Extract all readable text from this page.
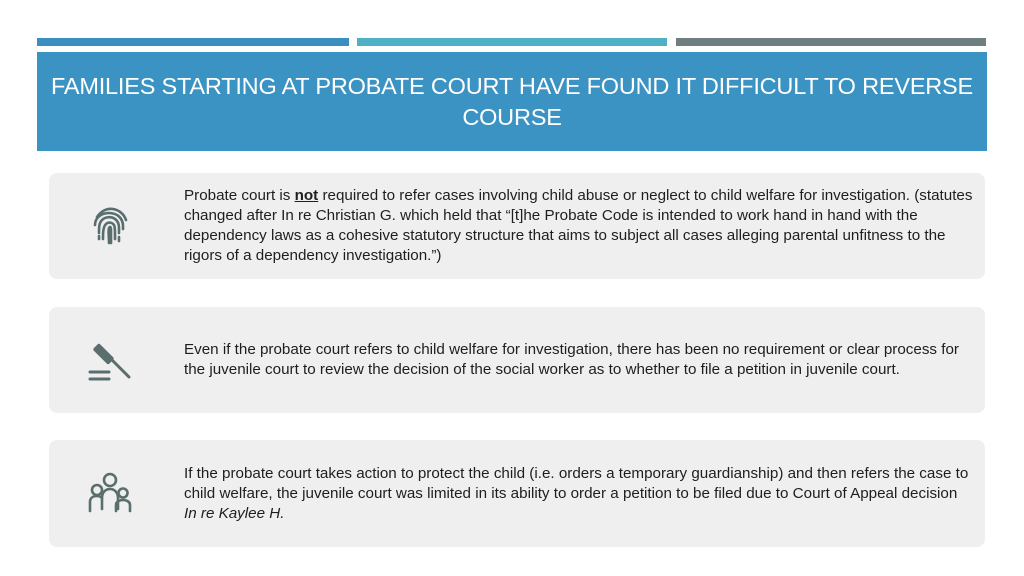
FAMILIES STARTING AT PROBATE COURT HAVE FOUND IT DIFFICULT TO REVERSE COURSE
Probate court is not required to refer cases involving child abuse or neglect to child welfare for investigation. (statutes changed after In re Christian G. which held that “[t]he Probate Code is intended to work hand in hand with the dependency laws as a cohesive statutory structure that aims to subject all cases alleging parental unfitness to the rigors of a dependency investigation.”)
Even if the probate court refers to child welfare for investigation, there has been no requirement or clear process for the juvenile court to review the decision of the social worker as to whether to file a petition in juvenile court.
If the probate court takes action to protect the child (i.e. orders a temporary guardianship) and then refers the case to child welfare, the juvenile court was limited in its ability to order a petition to be filed due to Court of Appeal decision In re Kaylee H.
